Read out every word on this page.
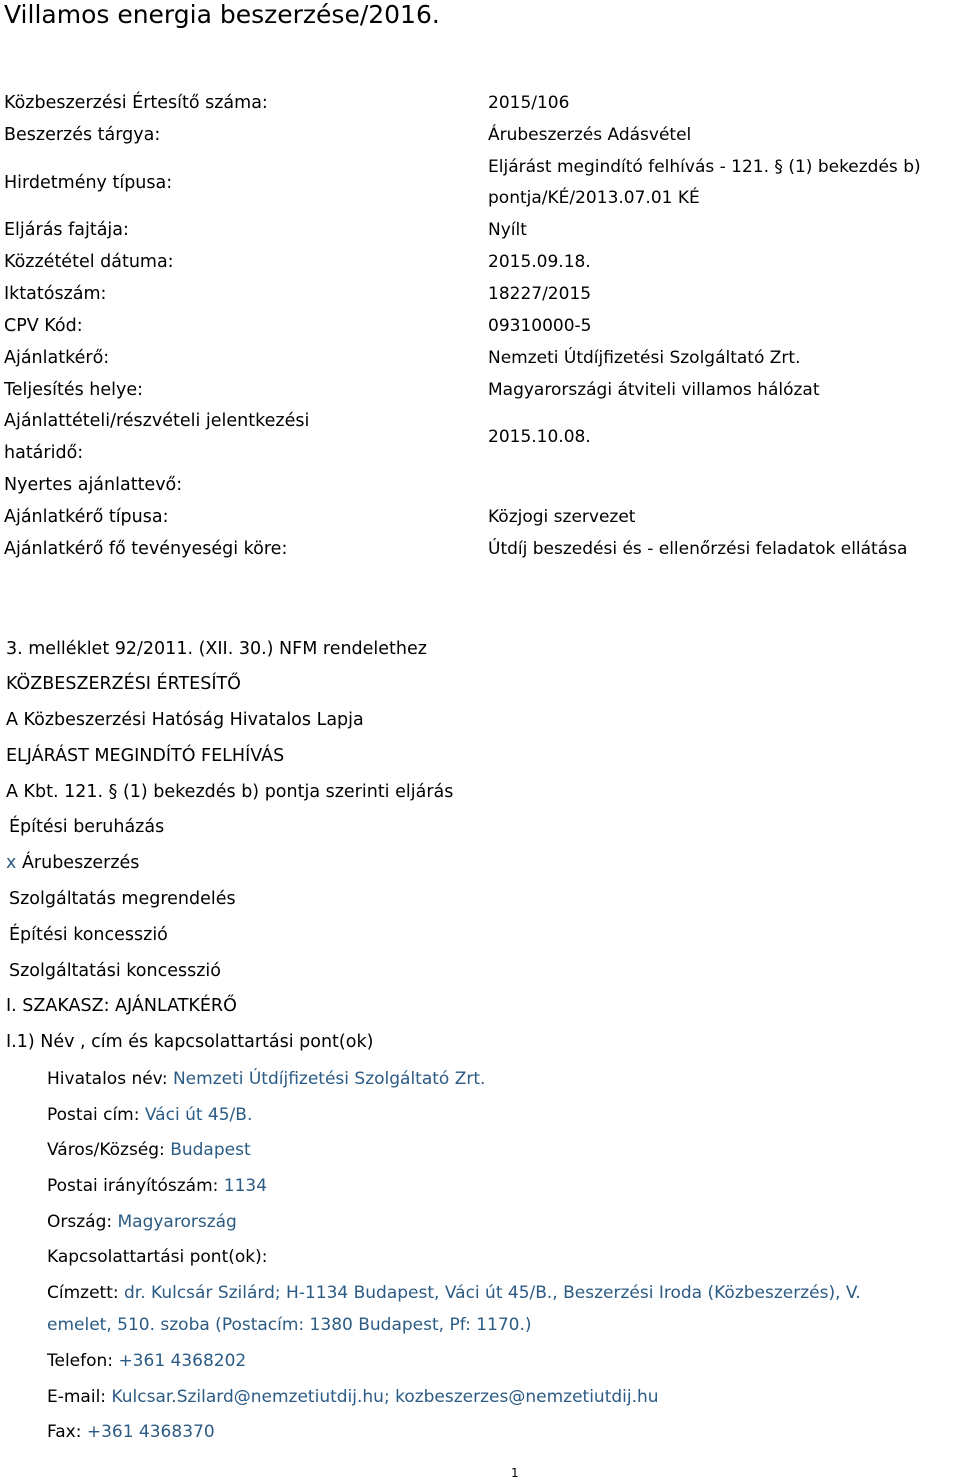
Villamos energia beszerzése/2016.
Közbeszerzési Értesítő száma:	2015/106
Beszerzés tárgya:	Árubeszerzés Adásvétel
Hirdetmény típusa:
Eljárást megindító felhívás - 121. § (1) bekezdés b)
pontja/KÉ/2013.07.01 KÉ
Eljárás fajtája:	Nyílt
Közzététel dátuma:	2015.09.18.
Iktatószám:	18227/2015
CPV Kód:	09310000-5
Ajánlatkérő:	Nemzeti Útdíjfizetési Szolgáltató Zrt.
Teljesítés helye:	Magyarországi átviteli villamos hálózat
Ajánlattételi/részvételi jelentkezési
határidő:
2015.10.08.
Nyertes ajánlattevő:
Ajánlatkérő típusa:	Közjogi szervezet
Ajánlatkérő fő tevényeségi köre:	Útdíj beszedési és - ellenőrzési feladatok ellátása
3. melléklet 92/2011. (XII. 30.) NFM rendelethez
KÖZBESZERZÉSI ÉRTESÍTŐ
A Közbeszerzési Hatóság Hivatalos Lapja
ELJÁRÁST MEGINDÍTÓ FELHÍVÁS
A Kbt. 121. § (1) bekezdés b) pontja szerinti eljárás
Építési beruházás
x Árubeszerzés
Szolgáltatás megrendelés
Építési koncesszió
Szolgáltatási koncesszió
I. SZAKASZ: AJÁNLATKÉRŐ
I.1) Név , cím és kapcsolattartási pont(ok)
Hivatalos név: Nemzeti Útdíjfizetési Szolgáltató Zrt.
Postai cím: Váci út 45/B.
Város/Község: Budapest
Postai irányítószám: 1134
Ország: Magyarország
Kapcsolattartási pont(ok):
Címzett: dr. Kulcsár Szilárd; H-1134 Budapest, Váci út 45/B., Beszerzési Iroda (Közbeszerzés), V.
emelet, 510. szoba (Postacím: 1380 Budapest, Pf: 1170.)
Telefon: +361 4368202
E-mail: Kulcsar.Szilard@nemzetiutdij.hu; kozbeszerzes@nemzetiutdij.hu
Fax: +361 4368370
1
